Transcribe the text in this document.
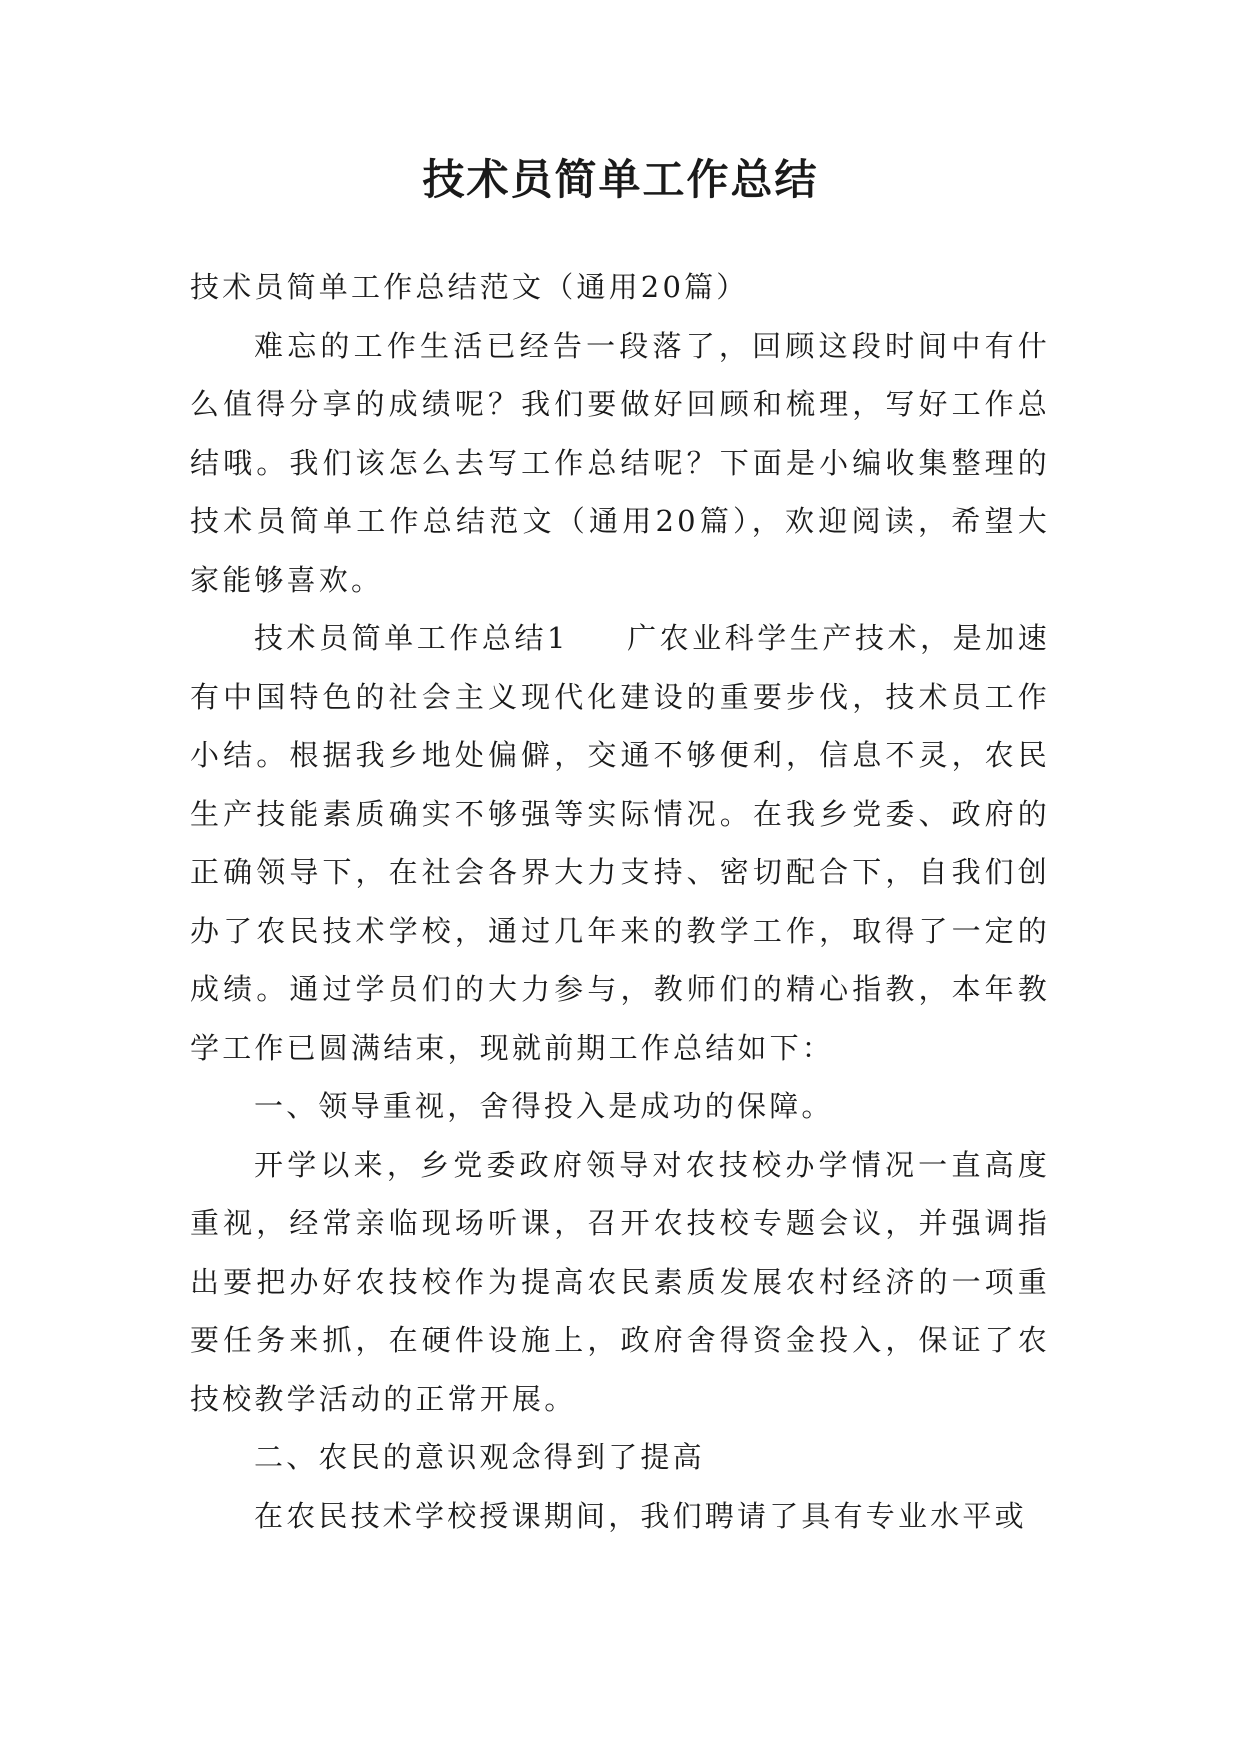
技术员简单工作总结

技术员简单工作总结范文（通用20篇）

难忘的工作生活已经告一段落了，回顾这段时间中有什么值得分享的成绩呢？我们要做好回顾和梳理，写好工作总结哦。我们该怎么去写工作总结呢？下面是小编收集整理的技术员简单工作总结范文（通用20篇），欢迎阅读，希望大家能够喜欢。

技术员简单工作总结1 广农业科学生产技术，是加速有中国特色的社会主义现代化建设的重要步伐，技术员工作小结。根据我乡地处偏僻，交通不够便利，信息不灵，农民生产技能素质确实不够强等实际情况。在我乡党委、政府的正确领导下，在社会各界大力支持、密切配合下，自我们创办了农民技术学校，通过几年来的教学工作，取得了一定的成绩。通过学员们的大力参与，教师们的精心指教，本年教学工作已圆满结束，现就前期工作总结如下：

一、领导重视，舍得投入是成功的保障。

开学以来，乡党委政府领导对农技校办学情况一直高度重视，经常亲临现场听课，召开农技校专题会议，并强调指出要把办好农技校作为提高农民素质发展农村经济的一项重要任务来抓，在硬件设施上，政府舍得资金投入，保证了农技校教学活动的正常开展。

二、农民的意识观念得到了提高

在农民技术学校授课期间，我们聘请了具有专业水平或
